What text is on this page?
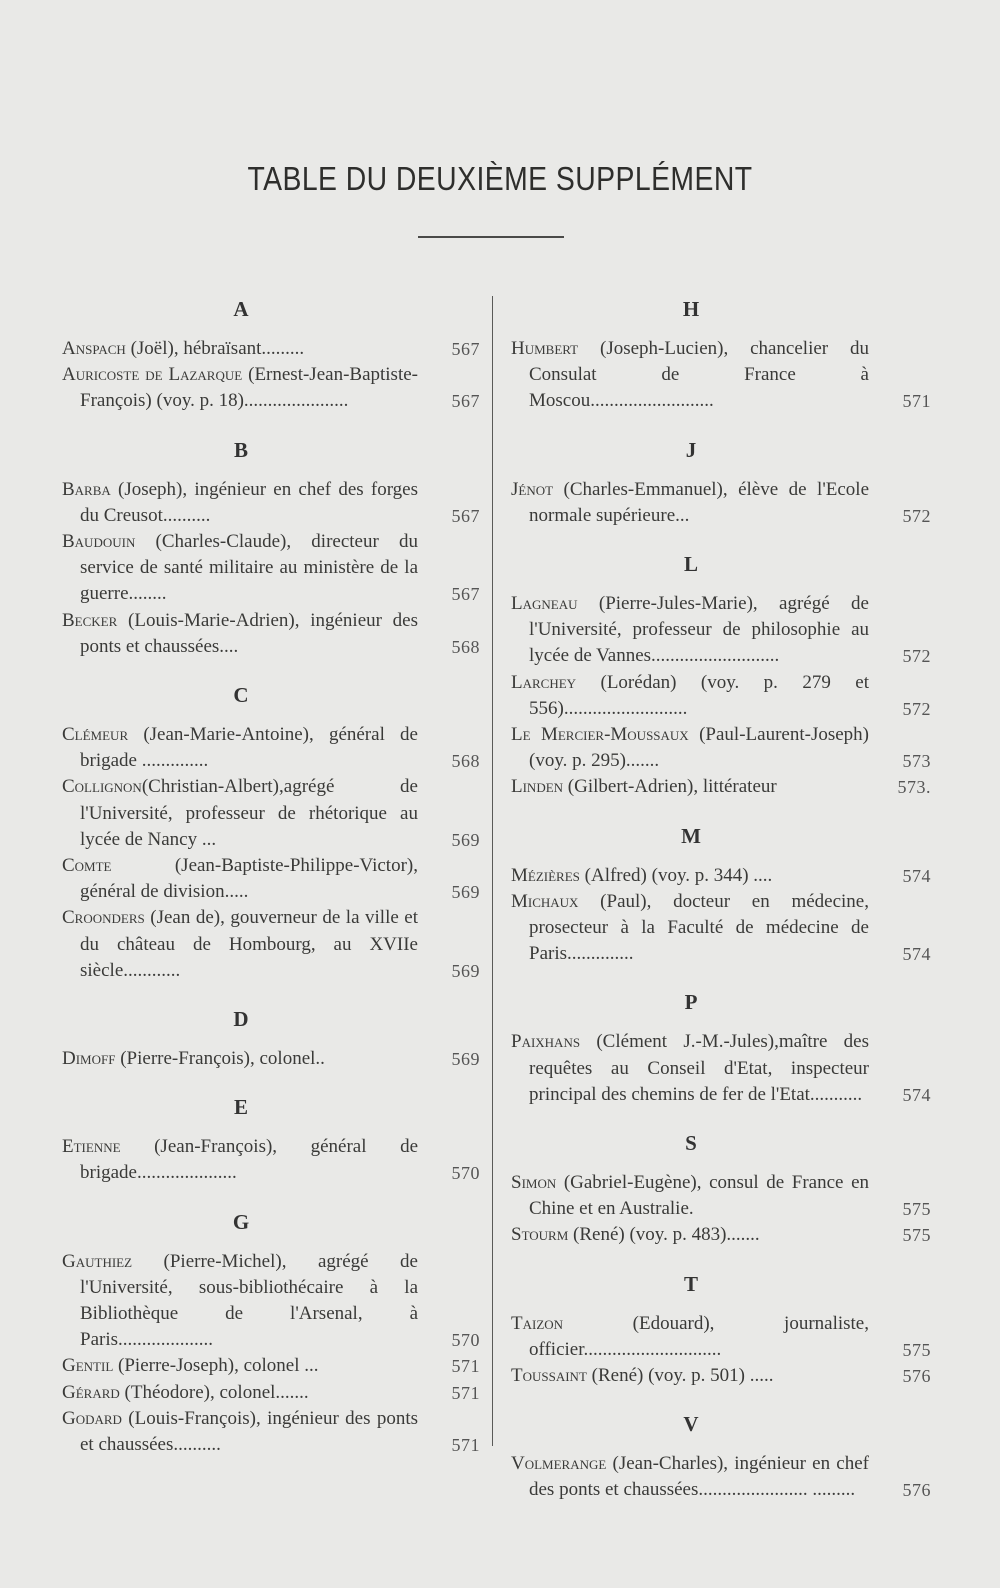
TABLE DU DEUXIÈME SUPPLÉMENT
A
Anspach (Joël), hébraïsant.........	567
Auricoste de Lazarque (Ernest-Jean-Baptiste-François) (voy. p. 18)......................	567
B
Barba (Joseph), ingénieur en chef des forges du Creusot..........	567
Baudouin (Charles-Claude), directeur du service de santé militaire au ministère de la guerre........	567
Becker (Louis-Marie-Adrien), ingénieur des ponts et chaussées....	568
C
Clémeur (Jean-Marie-Antoine), général de brigade ..............	568
Collignon(Christian-Albert),agrégé de l'Université, professeur de rhétorique au lycée de Nancy ...	569
Comte (Jean-Baptiste-Philippe-Victor), général de division.....	569
Croonders (Jean de), gouverneur de la ville et du château de Hombourg, au XVIIe siècle............	569
D
Dimoff (Pierre-François), colonel..	569
E
Etienne (Jean-François), général de brigade.....................	570
G
Gauthiez (Pierre-Michel), agrégé de l'Université, sous-bibliothécaire à la Bibliothèque de l'Arsenal, à Paris....................	570
Gentil (Pierre-Joseph), colonel ...	571
Gérard (Théodore), colonel.......	571
Godard (Louis-François), ingénieur des ponts et chaussées..........	571
H
Humbert (Joseph-Lucien), chancelier du Consulat de France à Moscou..........................	571
J
Jénot (Charles-Emmanuel), élève de l'Ecole normale supérieure...	572
L
Lagneau (Pierre-Jules-Marie), agrégé de l'Université, professeur de philosophie au lycée de Vannes...........................	572
Larchey (Lorédan) (voy. p. 279 et 556)..........................	572
Le Mercier-Moussaux (Paul-Laurent-Joseph) (voy. p. 295).......	573
Linden (Gilbert-Adrien), littérateur	573.
M
Mézières (Alfred) (voy. p. 344) ....	574
Michaux (Paul), docteur en médecine, prosecteur à la Faculté de médecine de Paris..............	574
P
Paixhans (Clément J.-M.-Jules),maître des requêtes au Conseil d'Etat, inspecteur principal des chemins de fer de l'Etat...........	574
S
Simon (Gabriel-Eugène), consul de France en Chine et en Australie.	575
Stourm (René) (voy. p. 483).......	575
T
Taizon (Edouard), journaliste, officier.............................	575
Toussaint (René) (voy. p. 501) .....	576
V
Volmerange (Jean-Charles), ingénieur en chef des ponts et chaussées....................... .........	576
